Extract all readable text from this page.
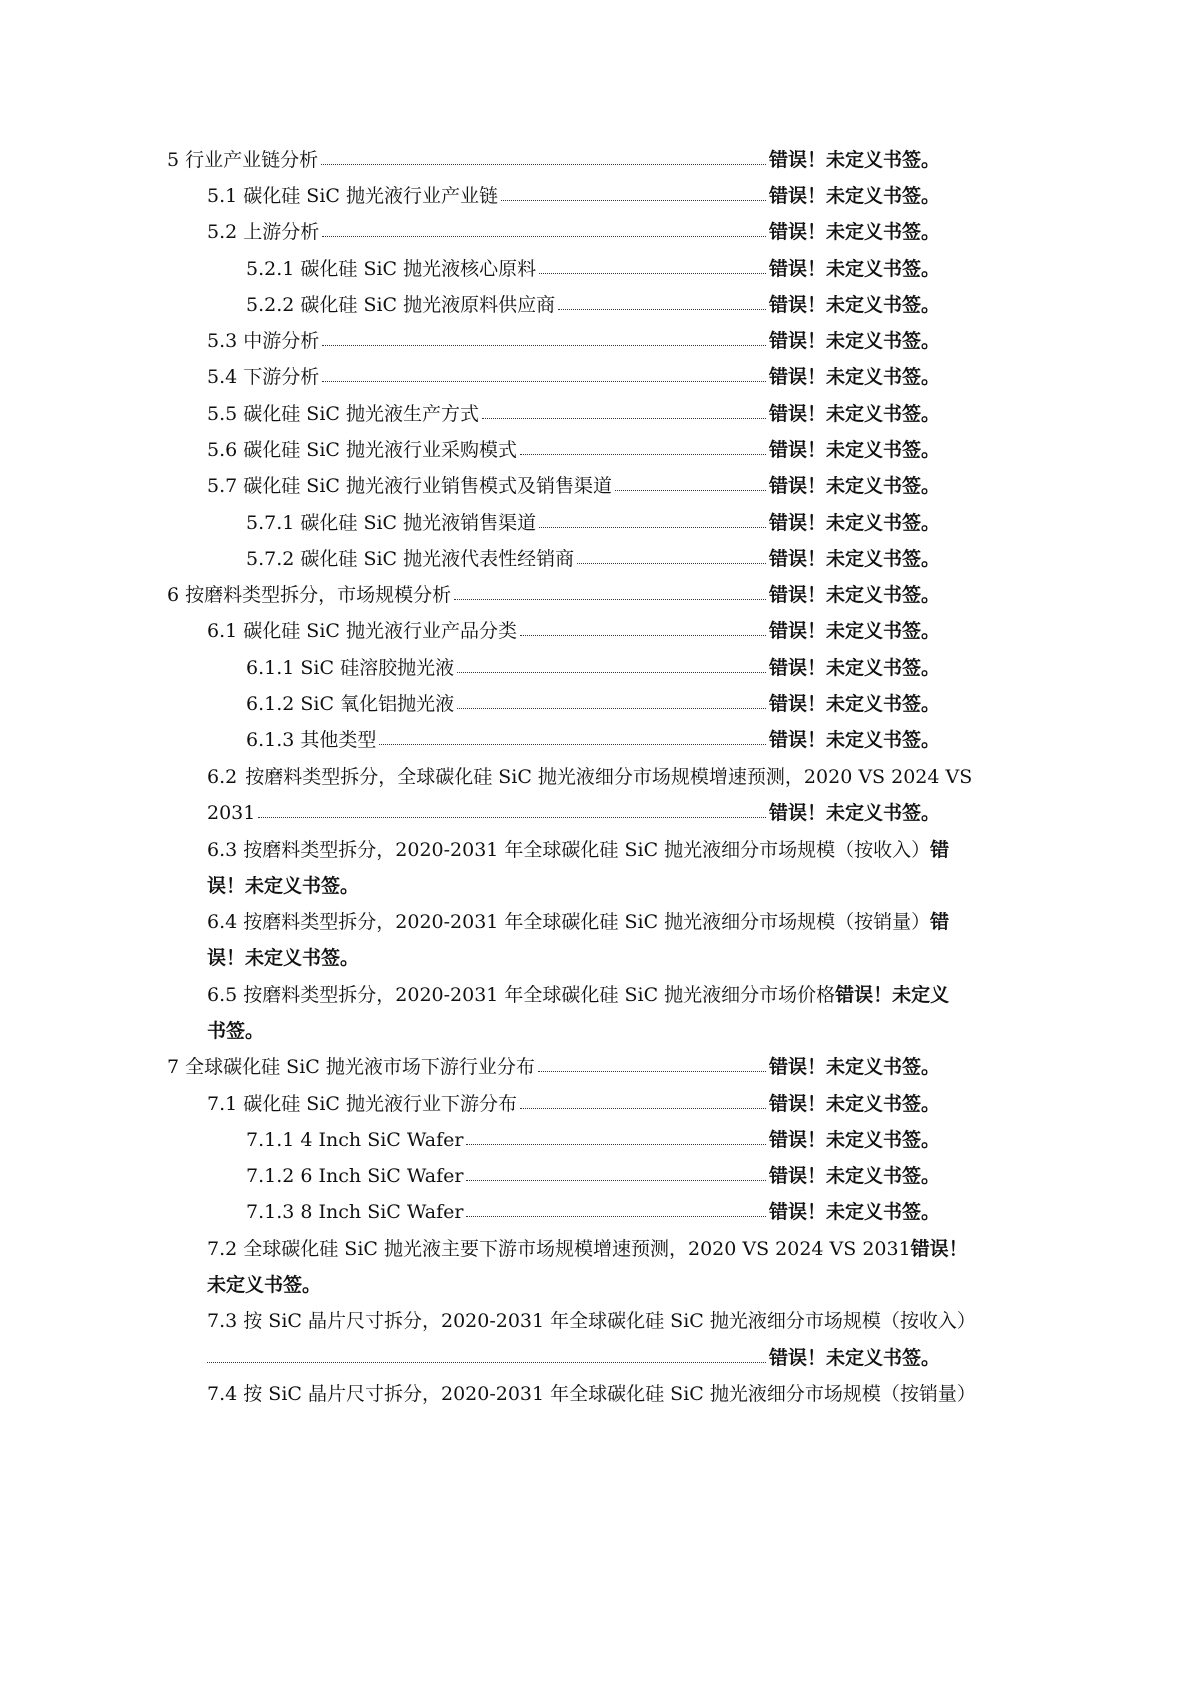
5 行业产业链分析	错误！未定义书签。
5.1 碳化硅 SiC 抛光液行业产业链	错误！未定义书签。
5.2 上游分析	错误！未定义书签。
5.2.1 碳化硅 SiC 抛光液核心原料	错误！未定义书签。
5.2.2 碳化硅 SiC 抛光液原料供应商	错误！未定义书签。
5.3 中游分析	错误！未定义书签。
5.4 下游分析	错误！未定义书签。
5.5 碳化硅 SiC 抛光液生产方式	错误！未定义书签。
5.6 碳化硅 SiC 抛光液行业采购模式	错误！未定义书签。
5.7 碳化硅 SiC 抛光液行业销售模式及销售渠道	错误！未定义书签。
5.7.1 碳化硅 SiC 抛光液销售渠道	错误！未定义书签。
5.7.2 碳化硅 SiC 抛光液代表性经销商	错误！未定义书签。
6 按磨料类型拆分，市场规模分析	错误！未定义书签。
6.1 碳化硅 SiC 抛光液行业产品分类	错误！未定义书签。
6.1.1 SiC 硅溶胶抛光液	错误！未定义书签。
6.1.2 SiC 氧化铝抛光液	错误！未定义书签。
6.1.3 其他类型	错误！未定义书签。
6.2 按磨料类型拆分，全球碳化硅 SiC 抛光液细分市场规模增速预测，2020 VS 2024 VS
2031	错误！未定义书签。
6.3 按磨料类型拆分，2020-2031 年全球碳化硅 SiC 抛光液细分市场规模（按收入） 错
误！未定义书签。
6.4 按磨料类型拆分，2020-2031 年全球碳化硅 SiC 抛光液细分市场规模（按销量） 错
误！未定义书签。
6.5 按磨料类型拆分，2020-2031 年全球碳化硅 SiC 抛光液细分市场价格 错误！未定义
书签。
7 全球碳化硅 SiC 抛光液市场下游行业分布	错误！未定义书签。
7.1 碳化硅 SiC 抛光液行业下游分布	错误！未定义书签。
7.1.1 4 Inch SiC Wafer	错误！未定义书签。
7.1.2 6 Inch SiC Wafer	错误！未定义书签。
7.1.3 8 Inch SiC Wafer	错误！未定义书签。
7.2 全球碳化硅 SiC 抛光液主要下游市场规模增速预测，2020 VS 2024 VS 2031 错误！
未定义书签。
7.3 按 SiC 晶片尺寸拆分，2020-2031 年全球碳化硅 SiC 抛光液细分市场规模（按收入）
错误！未定义书签。
7.4 按 SiC 晶片尺寸拆分，2020-2031 年全球碳化硅 SiC 抛光液细分市场规模（按销量）
